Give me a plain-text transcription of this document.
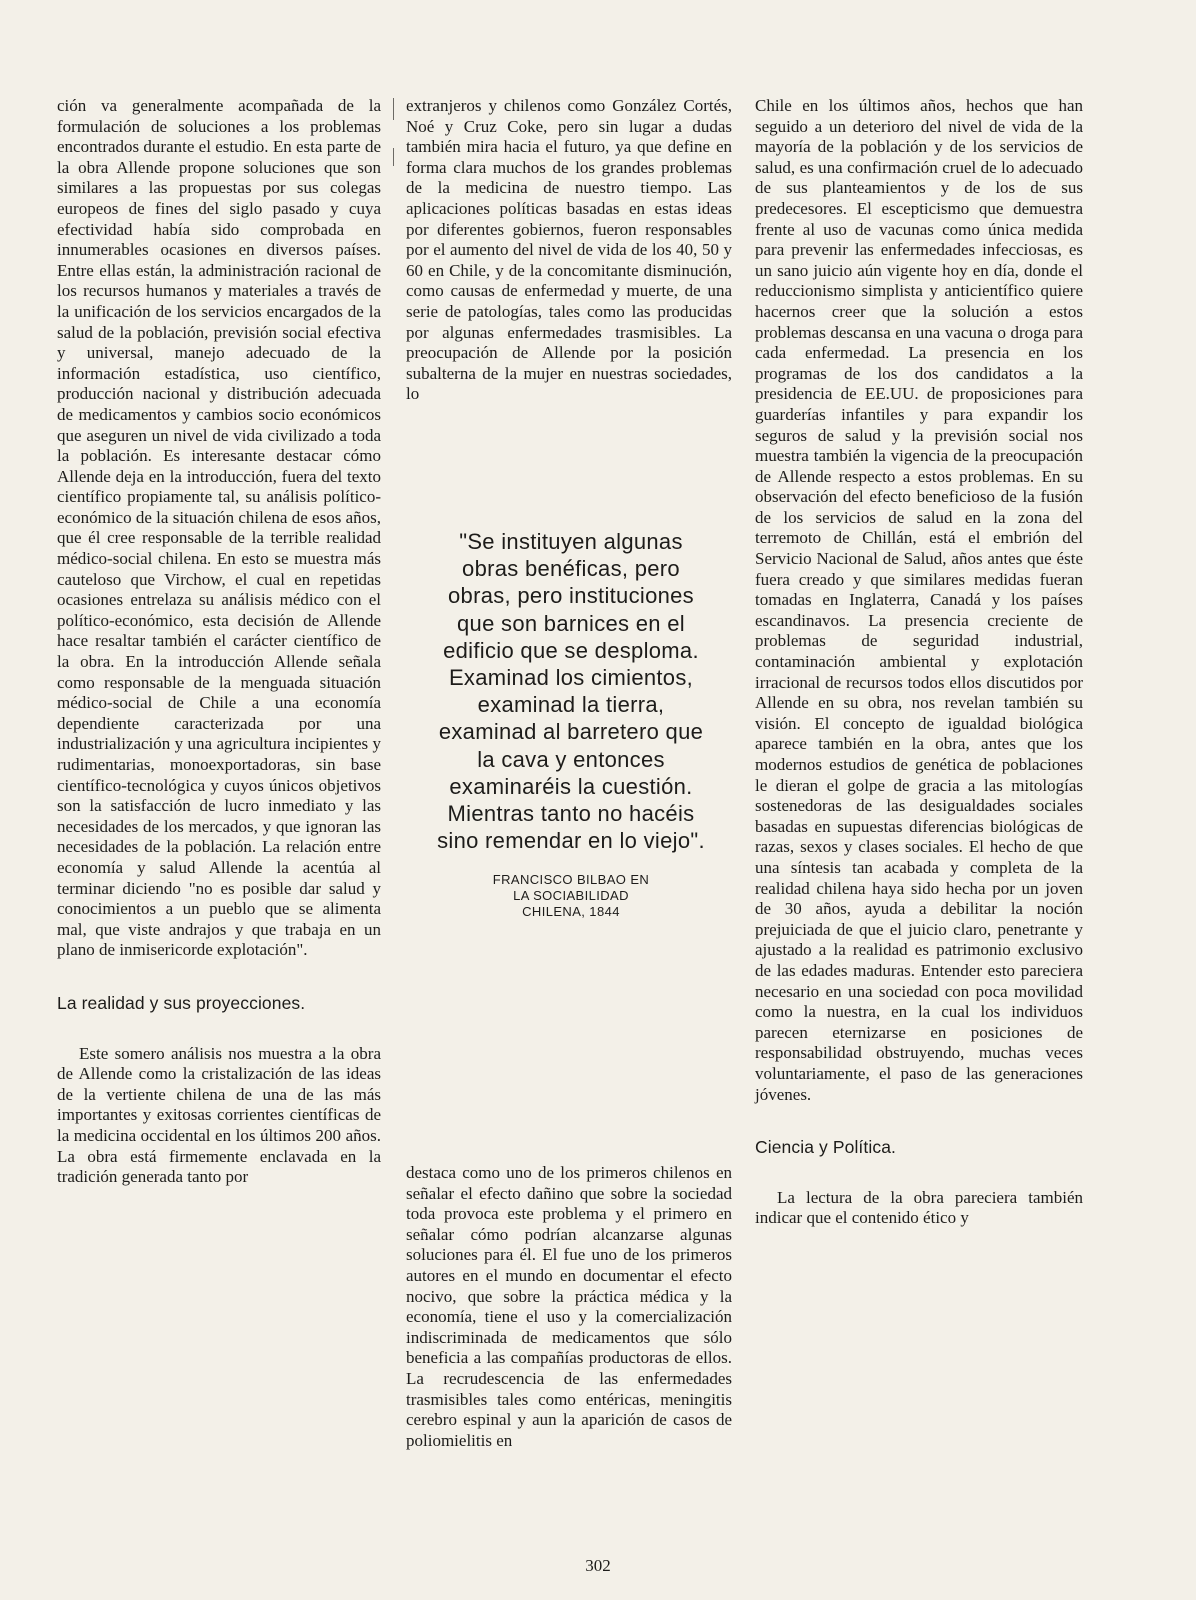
ción va generalmente acompañada de la formulación de soluciones a los problemas encontrados durante el estudio. En esta parte de la obra Allende propone soluciones que son similares a las propuestas por sus colegas europeos de fines del siglo pasado y cuya efectividad había sido comprobada en innumerables ocasiones en diversos países. Entre ellas están, la administración racional de los recursos humanos y materiales a través de la unificación de los servicios encargados de la salud de la población, previsión social efectiva y universal, manejo adecuado de la información estadística, uso científico, producción nacional y distribución adecuada de medicamentos y cambios socio económicos que aseguren un nivel de vida civilizado a toda la población. Es interesante destacar cómo Allende deja en la introducción, fuera del texto científico propiamente tal, su análisis político-económico de la situación chilena de esos años, que él cree responsable de la terrible realidad médico-social chilena. En esto se muestra más cauteloso que Virchow, el cual en repetidas ocasiones entrelaza su análisis médico con el político-económico, esta decisión de Allende hace resaltar también el carácter científico de la obra. En la introducción Allende señala como responsable de la menguada situación médico-social de Chile a una economía dependiente caracterizada por una industrialización y una agricultura incipientes y rudimentarias, monoexportadoras, sin base científico-tecnológica y cuyos únicos objetivos son la satisfacción de lucro inmediato y las necesidades de los mercados, y que ignoran las necesidades de la población. La relación entre economía y salud Allende la acentúa al terminar diciendo "no es posible dar salud y conocimientos a un pueblo que se alimenta mal, que viste andrajos y que trabaja en un plano de inmisericorde explotación".

La realidad y sus proyecciones.

Este somero análisis nos muestra a la obra de Allende como la cristalización de las ideas de la vertiente chilena de una de las más importantes y exitosas corrientes científicas de la medicina occidental en los últimos 200 años. La obra está firmemente enclavada en la tradición generada tanto por

extranjeros y chilenos como González Cortés, Noé y Cruz Coke, pero sin lugar a dudas también mira hacia el futuro, ya que define en forma clara muchos de los grandes problemas de la medicina de nuestro tiempo. Las aplicaciones políticas basadas en estas ideas por diferentes gobiernos, fueron responsables por el aumento del nivel de vida de los 40, 50 y 60 en Chile, y de la concomitante disminución, como causas de enfermedad y muerte, de una serie de patologías, tales como las producidas por algunas enfermedades trasmisibles. La preocupación de Allende por la posición subalterna de la mujer en nuestras sociedades, lo

"Se instituyen algunas obras benéficas, pero obras, pero instituciones que son barnices en el edificio que se desploma. Examinad los cimientos, examinad la tierra, examinad al barretero que la cava y entonces examinaréis la cuestión. Mientras tanto no hacéis sino remendar en lo viejo".

FRANCISCO BILBAO EN LA SOCIABILIDAD CHILENA, 1844

destaca como uno de los primeros chilenos en señalar el efecto dañino que sobre la sociedad toda provoca este problema y el primero en señalar cómo podrían alcanzarse algunas soluciones para él. El fue uno de los primeros autores en el mundo en documentar el efecto nocivo, que sobre la práctica médica y la economía, tiene el uso y la comercialización indiscriminada de medicamentos que sólo beneficia a las compañías productoras de ellos. La recrudescencia de las enfermedades trasmisibles tales como entéricas, meningitis cerebro espinal y aun la aparición de casos de poliomielitis en

Chile en los últimos años, hechos que han seguido a un deterioro del nivel de vida de la mayoría de la población y de los servicios de salud, es una confirmación cruel de lo adecuado de sus planteamientos y de los de sus predecesores. El escepticismo que demuestra frente al uso de vacunas como única medida para prevenir las enfermedades infecciosas, es un sano juicio aún vigente hoy en día, donde el reduccionismo simplista y anticientífico quiere hacernos creer que la solución a estos problemas descansa en una vacuna o droga para cada enfermedad. La presencia en los programas de los dos candidatos a la presidencia de EE.UU. de proposiciones para guarderías infantiles y para expandir los seguros de salud y la previsión social nos muestra también la vigencia de la preocupación de Allende respecto a estos problemas. En su observación del efecto beneficioso de la fusión de los servicios de salud en la zona del terremoto de Chillán, está el embrión del Servicio Nacional de Salud, años antes que éste fuera creado y que similares medidas fueran tomadas en Inglaterra, Canadá y los países escandinavos. La presencia creciente de problemas de seguridad industrial, contaminación ambiental y explotación irracional de recursos todos ellos discutidos por Allende en su obra, nos revelan también su visión. El concepto de igualdad biológica aparece también en la obra, antes que los modernos estudios de genética de poblaciones le dieran el golpe de gracia a las mitologías sostenedoras de las desigualdades sociales basadas en supuestas diferencias biológicas de razas, sexos y clases sociales. El hecho de que una síntesis tan acabada y completa de la realidad chilena haya sido hecha por un joven de 30 años, ayuda a debilitar la noción prejuiciada de que el juicio claro, penetrante y ajustado a la realidad es patrimonio exclusivo de las edades maduras. Entender esto pareciera necesario en una sociedad con poca movilidad como la nuestra, en la cual los individuos parecen eternizarse en posiciones de responsabilidad obstruyendo, muchas veces voluntariamente, el paso de las generaciones jóvenes.

Ciencia y Política.

La lectura de la obra pareciera también indicar que el contenido ético y

302
